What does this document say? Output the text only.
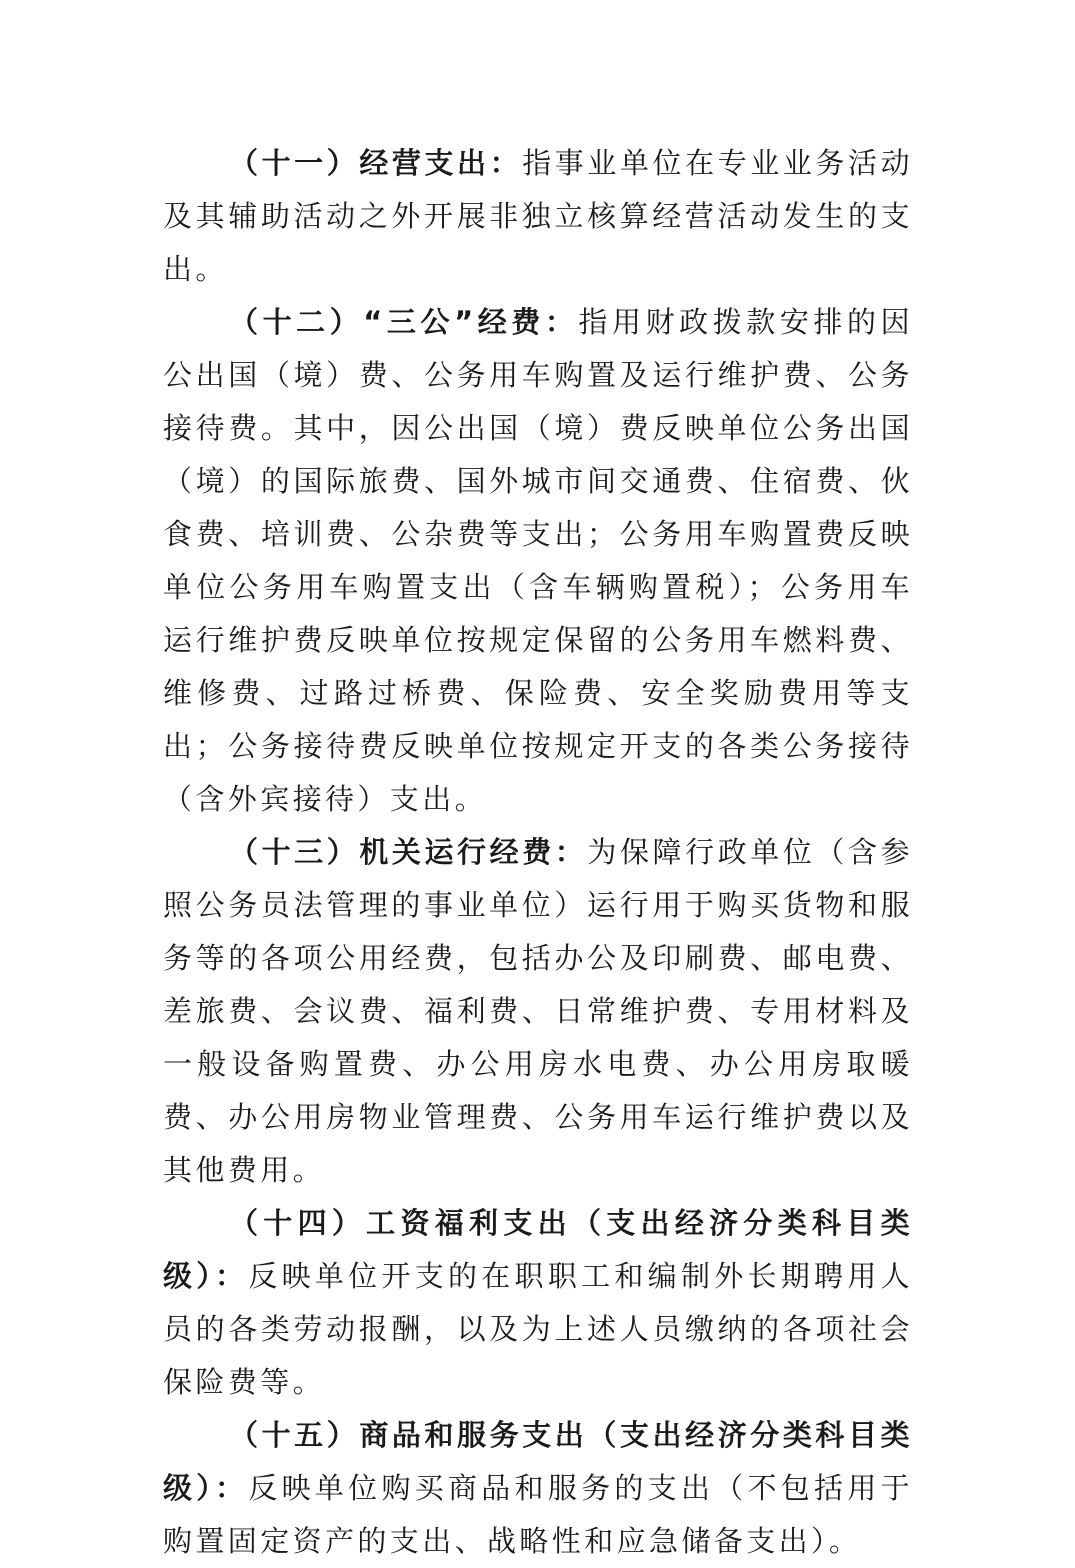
（十一）经营支出：指事业单位在专业业务活动及其辅助活动之外开展非独立核算经营活动发生的支出。

（十二）“三公”经费：指用财政拨款安排的因公出国（境）费、公务用车购置及运行维护费、公务接待费。其中，因公出国（境）费反映单位公务出国（境）的国际旅费、国外城市间交通费、住宿费、伙食费、培训费、公杂费等支出；公务用车购置费反映单位公务用车购置支出（含车辆购置税）；公务用车运行维护费反映单位按规定保留的公务用车燃料费、维修费、过路过桥费、保险费、安全奖励费用等支出；公务接待费反映单位按规定开支的各类公务接待（含外宾接待）支出。

（十三）机关运行经费：为保障行政单位（含参照公务员法管理的事业单位）运行用于购买货物和服务等的各项公用经费，包括办公及印刷费、邮电费、差旅费、会议费、福利费、日常维护费、专用材料及一般设备购置费、办公用房水电费、办公用房取暖费、办公用房物业管理费、公务用车运行维护费以及其他费用。

（十四）工资福利支出（支出经济分类科目类级）：反映单位开支的在职职工和编制外长期聘用人员的各类劳动报酬，以及为上述人员缴纳的各项社会保险费等。

（十五）商品和服务支出（支出经济分类科目类级）：反映单位购买商品和服务的支出（不包括用于购置固定资产的支出、战略性和应急储备支出）。
